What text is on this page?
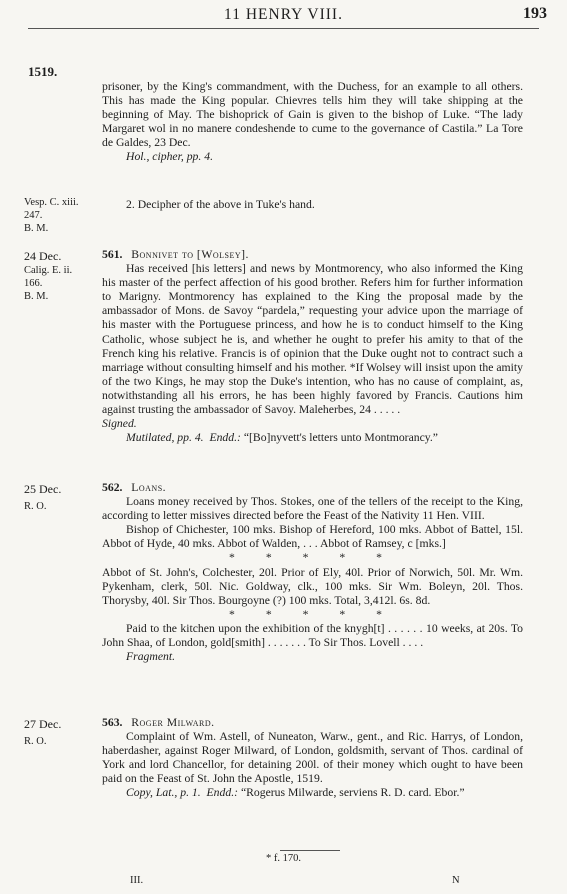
11 HENRY VIII.	193
1519.

prisoner, by the King's commandment, with the Duchess, for an example to all others. This has made the King popular. Chievres tells him they will take shipping at the beginning of May. The bishoprick of Gain is given to the bishop of Luke. “The lady Margaret wol in no manere condeshende to cume to the governance of Castila.” La Tore de Galdes, 23 Dec.

Hol., cipher, pp. 4.

Vesp. C. xiii.
247.
B. M.

2. Decipher of the above in Tuke's hand.

24 Dec.
Calig. E. ii.
166.
B. M.

561. Bonnivet to [Wolsey].

Has received [his letters] and news by Montmorency, who also informed the King his master of the perfect affection of his good brother. Refers him for further information to Marigny. Montmorency has explained to the King the proposal made by the ambassador of Mons. de Savoy “pardela,” requesting your advice upon the marriage of his master with the Portuguese princess, and how he is to conduct himself to the King Catholic, whose subject he is, and whether he ought to prefer his amity to that of the French king his relative. Francis is of opinion that the Duke ought not to contract such a marriage without consulting himself and his mother. *If Wolsey will insist upon the amity of the two Kings, he may stop the Duke's intention, who has no cause of complaint, as, notwithstanding all his errors, he has been highly favored by Francis. Cautions him against trusting the ambassador of Savoy. Maleherbes, 24 . . . . .

Signed.

Mutilated, pp. 4. Endd.: “[Bo]nyvett's letters unto Montmorancy.”

25 Dec.
R. O.

562. Loans.

Loans money received by Thos. Stokes, one of the tellers of the receipt to the King, according to letter missives directed before the Feast of the Nativity 11 Hen. VIII.

Bishop of Chichester, 100 mks. Bishop of Hereford, 100 mks. Abbot of Battel, 15l. Abbot of Hyde, 40 mks. Abbot of Walden, . . . Abbot of Ramsey, c [mks.]

* * * * *

Abbot of St. John's, Colchester, 20l. Prior of Ely, 40l. Prior of Norwich, 50l. Mr. Wm. Pykenham, clerk, 50l. Nic. Goldway, clk., 100 mks. Sir Wm. Boleyn, 20l. Thos. Thorysby, 40l. Sir Thos. Bourgoyne (?) 100 mks. Total, 3,412l. 6s. 8d.

* * * * *

Paid to the kitchen upon the exhibition of the knygh[t] . . . . . . 10 weeks, at 20s. To John Shaa, of London, gold[smith] . . . . . . . To Sir Thos. Lovell . . . .

Fragment.

27 Dec.
R. O.

563. Roger Milward.

Complaint of Wm. Astell, of Nuneaton, Warw., gent., and Ric. Harrys, of London, haberdasher, against Roger Milward, of London, goldsmith, servant of Thos. cardinal of York and lord Chancellor, for detaining 200l. of their money which ought to have been paid on the Feast of St. John the Apostle, 1519.

Copy, Lat., p. 1. Endd.: “Rogerus Milwarde, serviens R. D. card. Ebor.”

* f. 170.
III.	N
